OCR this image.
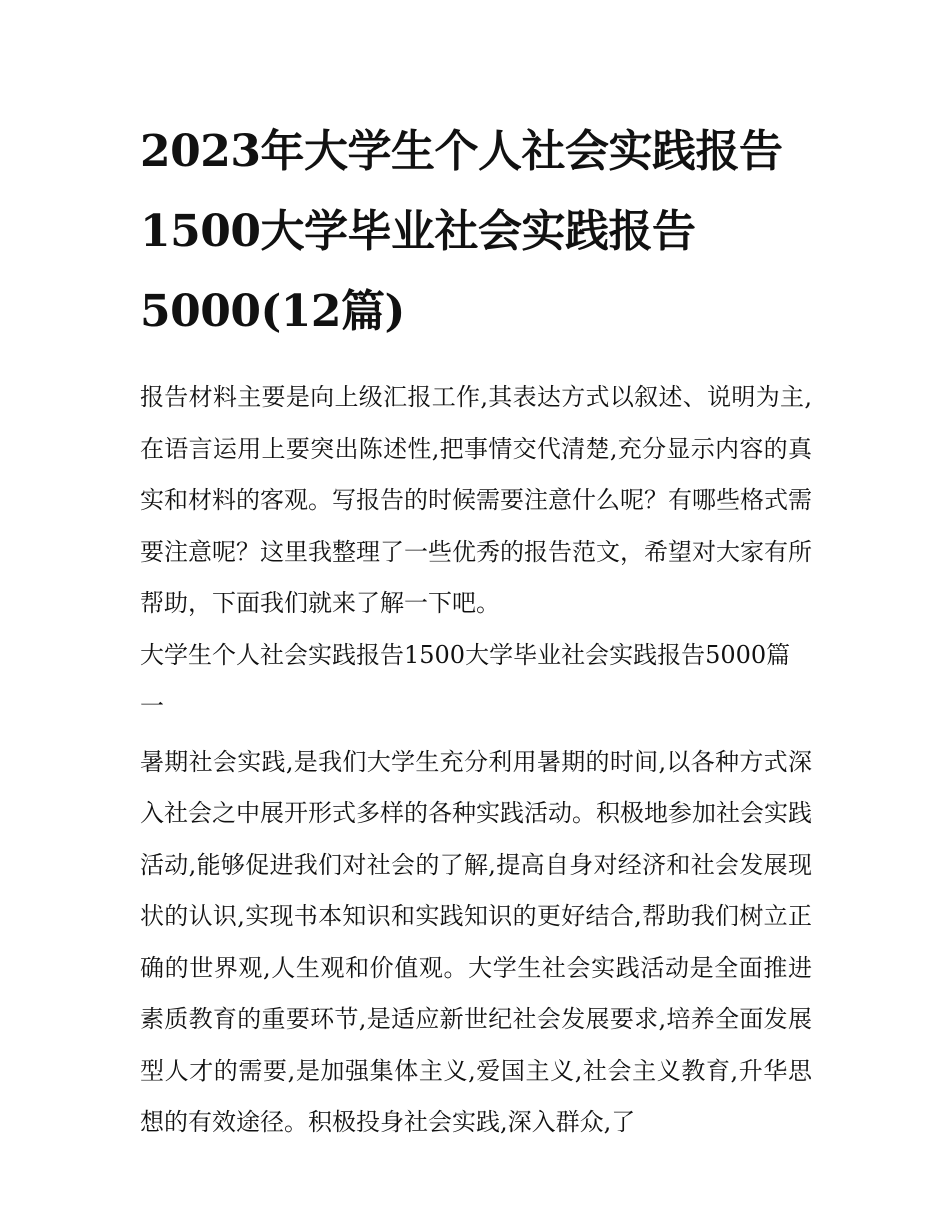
2023年大学生个人社会实践报告1500大学毕业社会实践报告5000(12篇)

报告材料主要是向上级汇报工作,其表达方式以叙述、说明为主,在语言运用上要突出陈述性,把事情交代清楚,充分显示内容的真实和材料的客观。写报告的时候需要注意什么呢？有哪些格式需要注意呢？这里我整理了一些优秀的报告范文，希望对大家有所帮助，下面我们就来了解一下吧。

大学生个人社会实践报告1500大学毕业社会实践报告5000篇一

暑期社会实践,是我们大学生充分利用暑期的时间,以各种方式深入社会之中展开形式多样的各种实践活动。积极地参加社会实践活动,能够促进我们对社会的了解,提高自身对经济和社会发展现状的认识,实现书本知识和实践知识的更好结合,帮助我们树立正确的世界观,人生观和价值观。大学生社会实践活动是全面推进素质教育的重要环节,是适应新世纪社会发展要求,培养全面发展型人才的需要,是加强集体主义,爱国主义,社会主义教育,升华思想的有效途径。积极投身社会实践,深入群众,了
